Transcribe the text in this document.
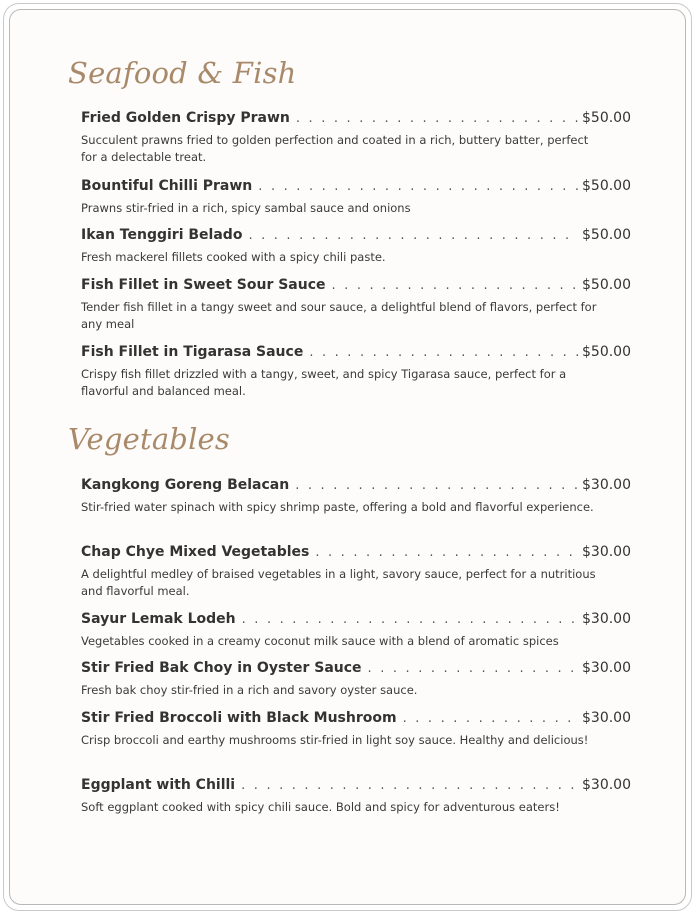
Seafood & Fish
Fried Golden Crispy Prawn . . .	$50.00
Succulent prawns fried to golden perfection and coated in a rich, buttery batter, perfect for a delectable treat.
Bountiful Chilli Prawn . . .	$50.00
Prawns stir-fried in a rich, spicy sambal sauce and onions
Ikan Tenggiri Belado . . .	$50.00
Fresh mackerel fillets cooked with a spicy chili paste.
Fish Fillet in Sweet Sour Sauce . . .	$50.00
Tender fish fillet in a tangy sweet and sour sauce, a delightful blend of flavors, perfect for any meal
Fish Fillet in Tigarasa Sauce . . .	$50.00
Crispy fish fillet drizzled with a tangy, sweet, and spicy Tigarasa sauce, perfect for a flavorful and balanced meal.
Vegetables
Kangkong Goreng Belacan . . .	$30.00
Stir-fried water spinach with spicy shrimp paste, offering a bold and flavorful experience.
Chap Chye Mixed Vegetables . . .	$30.00
A delightful medley of braised vegetables in a light, savory sauce, perfect for a nutritious and flavorful meal.
Sayur Lemak Lodeh . . .	$30.00
Vegetables cooked in a creamy coconut milk sauce with a blend of aromatic spices
Stir Fried Bak Choy in Oyster Sauce . . .	$30.00
Fresh bak choy stir-fried in a rich and savory oyster sauce.
Stir Fried Broccoli with Black Mushroom . . .	$30.00
Crisp broccoli and earthy mushrooms stir-fried in light soy sauce. Healthy and delicious!
Eggplant with Chilli . . .	$30.00
Soft eggplant cooked with spicy chili sauce. Bold and spicy for adventurous eaters!
